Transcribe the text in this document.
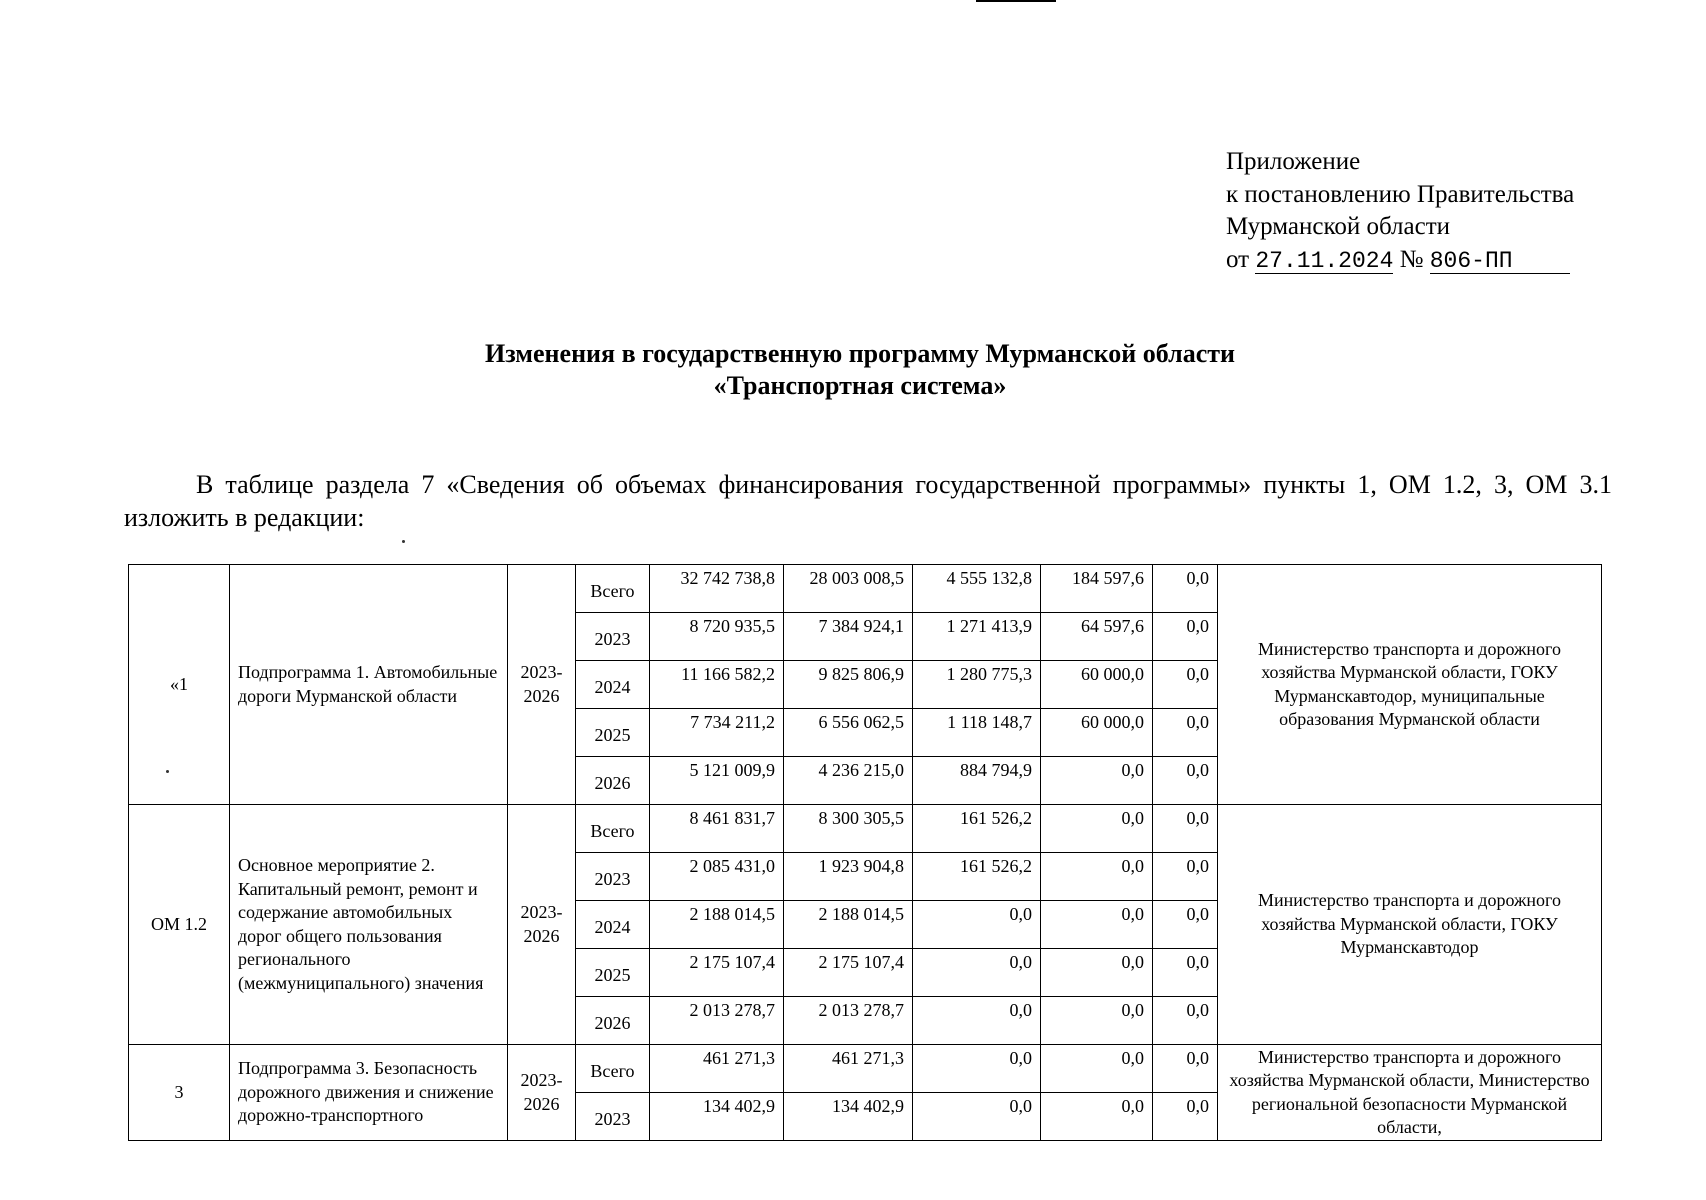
Приложение
к постановлению Правительства
Мурманской области
от 27.11.2024 № 806-ПП
Изменения в государственную программу Мурманской области
«Транспортная система»
В таблице раздела 7 «Сведения об объемах финансирования государственной программы» пункты 1, ОМ 1.2, 3, ОМ 3.1 изложить в редакции:
«1	Подпрограмма 1. Автомобильные дороги Мурманской области	2023-2026	Всего	32 742 738,8	28 003 008,5	4 555 132,8	184 597,6	0,0	Министерство транспорта и дорожного хозяйства Мурманской области, ГОКУ Мурманскавтодор, муниципальные образования Мурманской области
			2023	8 720 935,5	7 384 924,1	1 271 413,9	64 597,6	0,0	
			2024	11 166 582,2	9 825 806,9	1 280 775,3	60 000,0	0,0	
			2025	7 734 211,2	6 556 062,5	1 118 148,7	60 000,0	0,0	
			2026	5 121 009,9	4 236 215,0	884 794,9	0,0	0,0	
ОМ 1.2	Основное мероприятие 2. Капитальный ремонт, ремонт и содержание автомобильных дорог общего пользования регионального (межмуниципального) значения	2023-2026	Всего	8 461 831,7	8 300 305,5	161 526,2	0,0	0,0	Министерство транспорта и дорожного хозяйства Мурманской области, ГОКУ Мурманскавтодор
			2023	2 085 431,0	1 923 904,8	161 526,2	0,0	0,0	
			2024	2 188 014,5	2 188 014,5	0,0	0,0	0,0	
			2025	2 175 107,4	2 175 107,4	0,0	0,0	0,0	
			2026	2 013 278,7	2 013 278,7	0,0	0,0	0,0	
3	Подпрограмма 3. Безопасность дорожного движения и снижение дорожно-транспортного	2023-2026	Всего	461 271,3	461 271,3	0,0	0,0	0,0	Министерство транспорта и дорожного хозяйства Мурманской области, Министерство региональной безопасности Мурманской области,
			2023	134 402,9	134 402,9	0,0	0,0	0,0	
